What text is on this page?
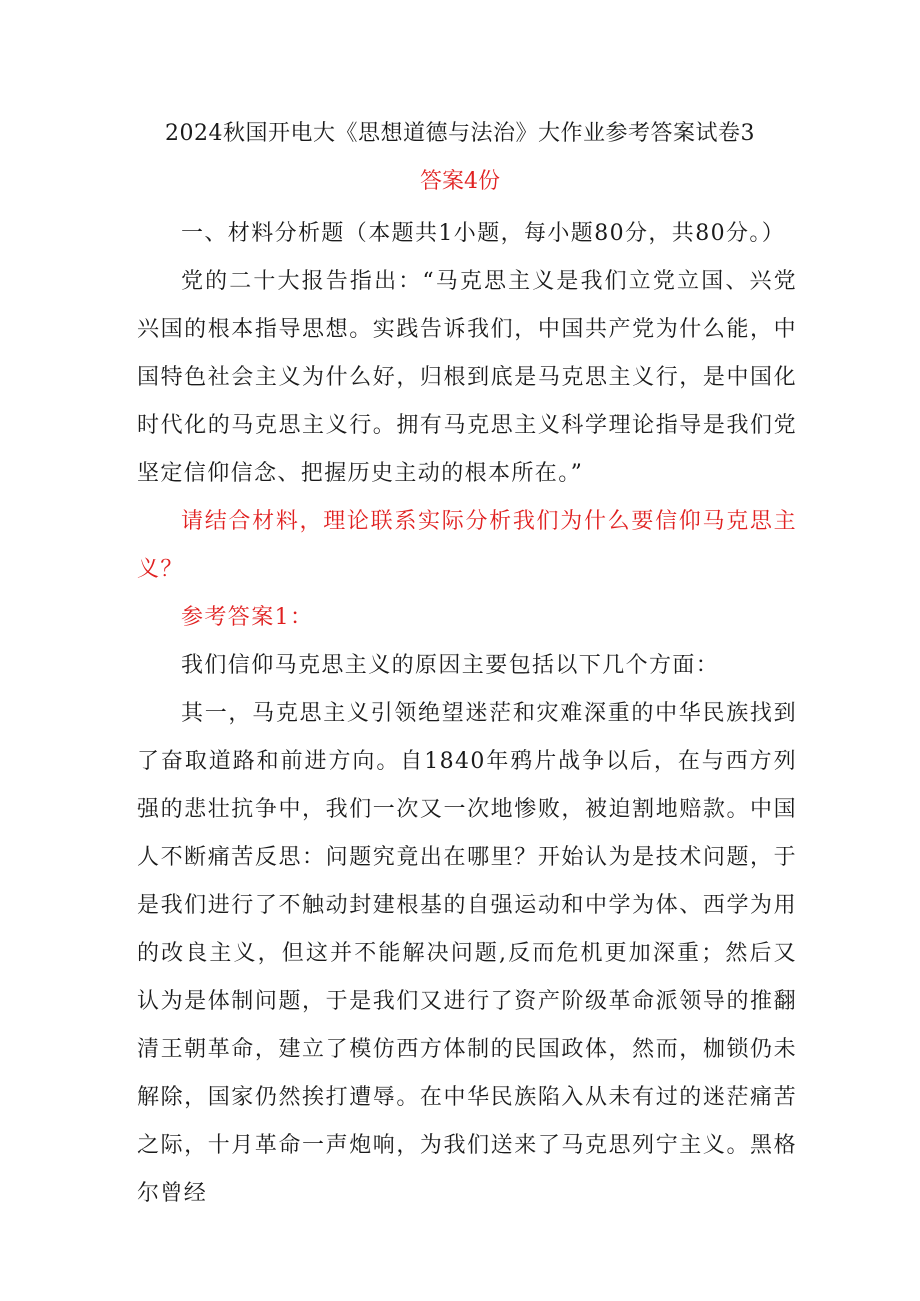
2024秋国开电大《思想道德与法治》大作业参考答案试卷3

答案4份

一、材料分析题（本题共1小题，每小题80分，共80分。）

党的二十大报告指出：“马克思主义是我们立党立国、兴党兴国的根本指导思想。实践告诉我们，中国共产党为什么能，中国特色社会主义为什么好，归根到底是马克思主义行，是中国化时代化的马克思主义行。拥有马克思主义科学理论指导是我们党坚定信仰信念、把握历史主动的根本所在。”

请结合材料，理论联系实际分析我们为什么要信仰马克思主义？

参考答案1：

我们信仰马克思主义的原因主要包括以下几个方面：

其一，马克思主义引领绝望迷茫和灾难深重的中华民族找到了奋取道路和前进方向。自1840年鸦片战争以后，在与西方列强的悲壮抗争中，我们一次又一次地惨败，被迫割地赔款。中国人不断痛苦反思：问题究竟出在哪里？开始认为是技术问题，于是我们进行了不触动封建根基的自强运动和中学为体、西学为用的改良主义，但这并不能解决问题,反而危机更加深重；然后又认为是体制问题，于是我们又进行了资产阶级革命派领导的推翻清王朝革命，建立了模仿西方体制的民国政体，然而，枷锁仍未解除，国家仍然挨打遭辱。在中华民族陷入从未有过的迷茫痛苦之际，十月革命一声炮响，为我们送来了马克思列宁主义。黑格尔曾经
